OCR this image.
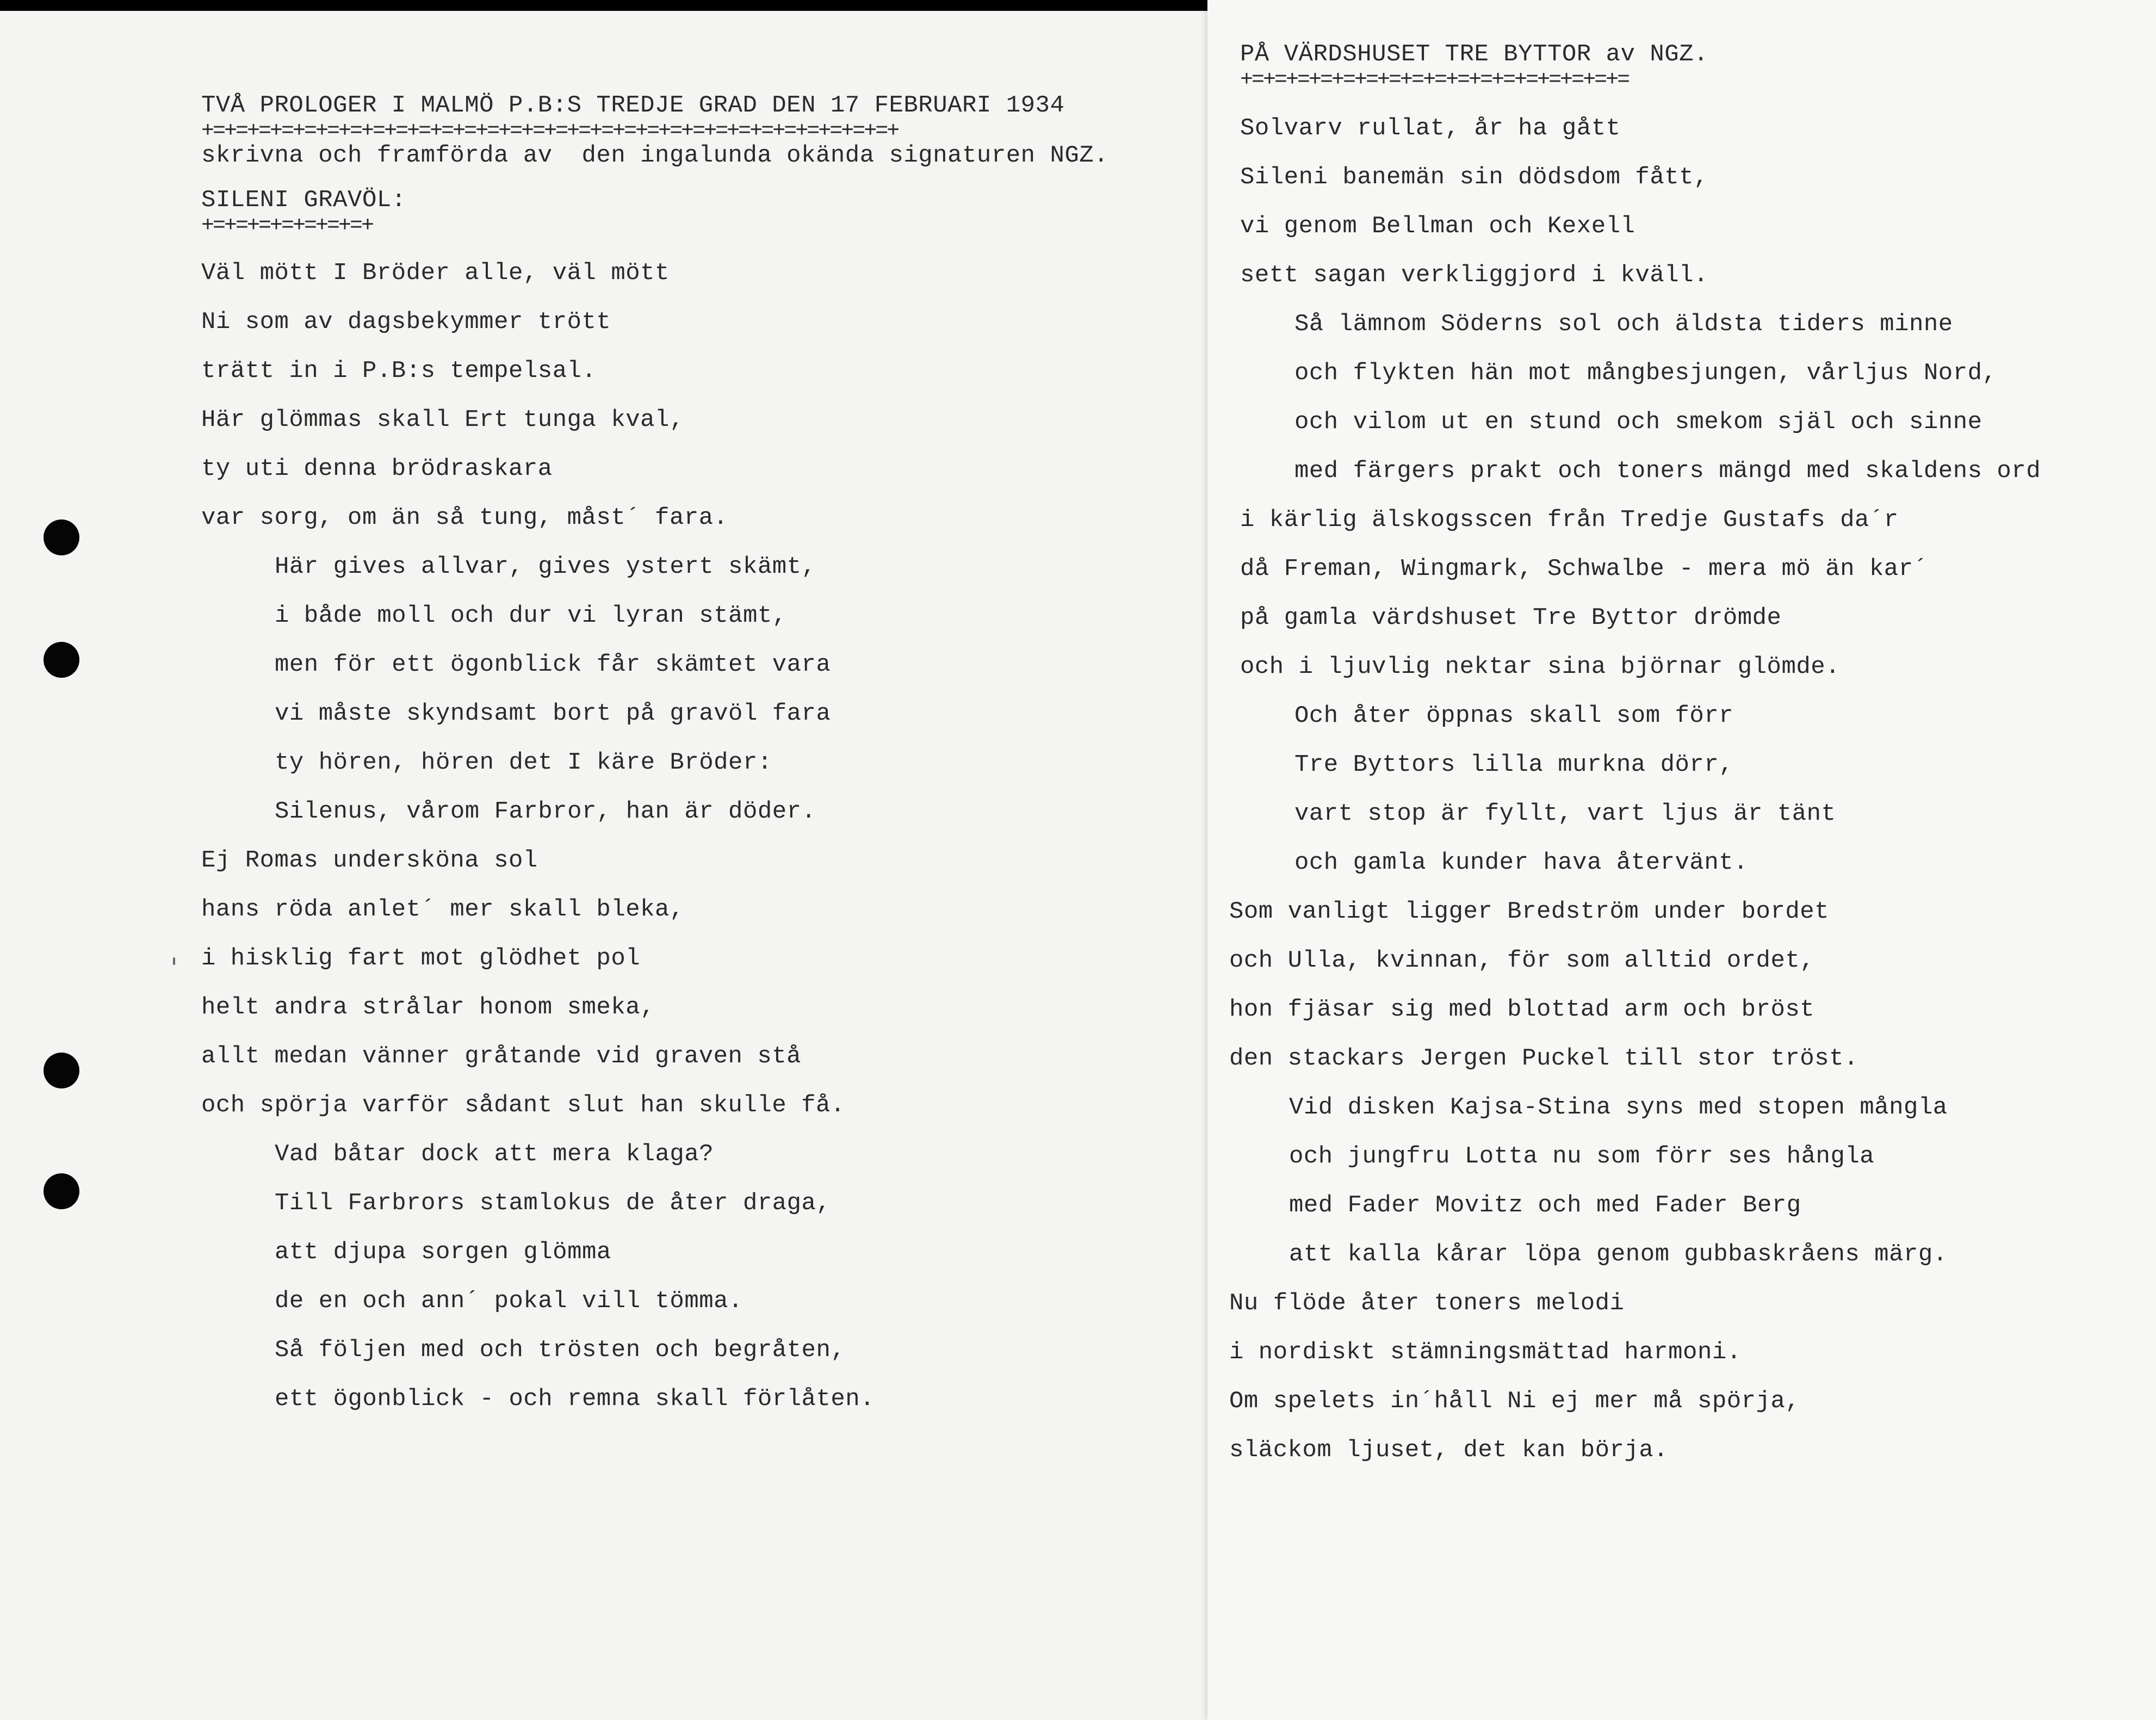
TVÅ PROLOGER I MALMÖ P.B:S TREDJE GRAD DEN 17 FEBRUARI 1934
+=+=+=+=+=+=+=+=+=+=+=+=+=+=+=+=+=+=+=+=+=+=+=+=+=+=+=+=+=+=+
skrivna och framförda av  den ingalunda okända signaturen NGZ.
SILENI GRAVÖL:
+=+=+=+=+=+=+=+
Väl mött I Bröder alle, väl mött
Ni som av dagsbekymmer trött
trätt in i P.B:s tempelsal.
Här glömmas skall Ert tunga kval,
ty uti denna brödraskara
var sorg, om än så tung, måst´ fara.
Här gives allvar, gives ystert skämt,
i både moll och dur vi lyran stämt,
men för ett ögonblick får skämtet vara
vi måste skyndsamt bort på gravöl fara
ty hören, hören det I käre Bröder:
Silenus, vårom Farbror, han är döder.
Ej Romas undersköna sol
hans röda anlet´ mer skall bleka,
i hisklig fart mot glödhet pol
helt andra strålar honom smeka,
allt medan vänner gråtande vid graven stå
och spörja varför sådant slut han skulle få.
Vad båtar dock att mera klaga?
Till Farbrors stamlokus de åter draga,
att djupa sorgen glömma
de en och ann´ pokal vill tömma.
Så följen med och trösten och begråten,
ett ögonblick - och remna skall förlåten.
PÅ VÄRDSHUSET TRE BYTTOR av NGZ.
+=+=+=+=+=+=+=+=+=+=+=+=+=+=+=+=+=
Solvarv rullat, år ha gått
Sileni banemän sin dödsdom fått,
vi genom Bellman och Kexell
sett sagan verkliggjord i kväll.
Så lämnom Söderns sol och äldsta tiders minne
och flykten hän mot mångbesjungen, vårljus Nord,
och vilom ut en stund och smekom själ och sinne
med färgers prakt och toners mängd med skaldens ord
i kärlig älskogsscen från Tredje Gustafs da´r
då Freman, Wingmark, Schwalbe - mera mö än kar´
på gamla värdshuset Tre Byttor drömde
och i ljuvlig nektar sina björnar glömde.
Och åter öppnas skall som förr
Tre Byttors lilla murkna dörr,
vart stop är fyllt, vart ljus är tänt
och gamla kunder hava återvänt.
Som vanligt ligger Bredström under bordet
och Ulla, kvinnan, för som alltid ordet,
hon fjäsar sig med blottad arm och bröst
den stackars Jergen Puckel till stor tröst.
Vid disken Kajsa-Stina syns med stopen mångla
och jungfru Lotta nu som förr ses hångla
med Fader Movitz och med Fader Berg
att kalla kårar löpa genom gubbaskråens märg.
Nu flöde åter toners melodi
i nordiskt stämningsmättad harmoni.
Om spelets in´håll Ni ej mer må spörja,
släckom ljuset, det kan börja.
